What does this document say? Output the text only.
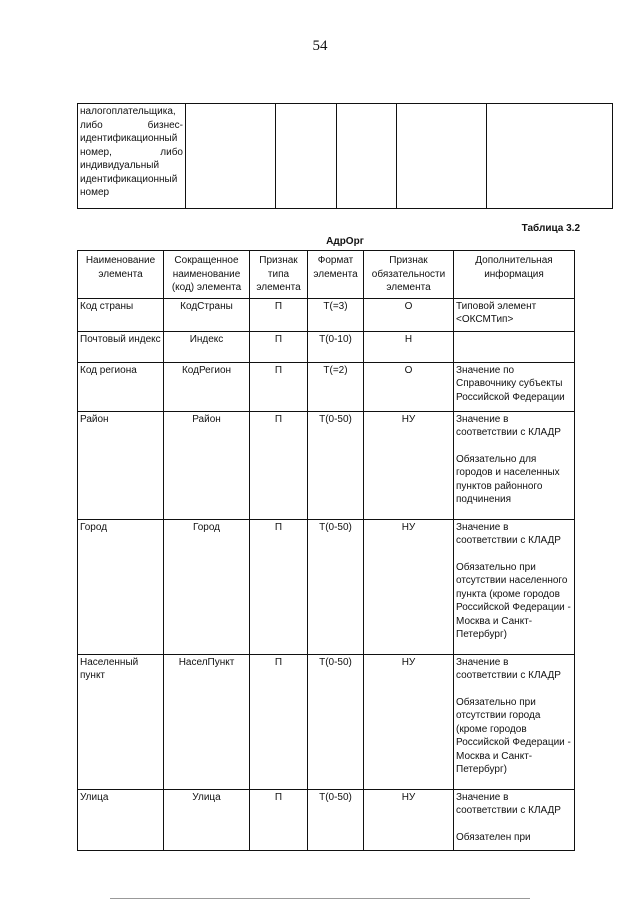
54
налогоплательщика, либо бизнес-идентификационный номер, либо индивидуальный идентификационный номер

Таблица 3.2
АдрОрг
Наименование элемента	Сокращенное наименование (код) элемента	Признак типа элемента	Формат элемента	Признак обязательности элемента	Дополнительная информация
Код страны	КодСтраны	П	Т(=3)	О	Типовой элемент <ОКСМТип>

Почтовый индекс	Индекс	П	Т(0-10)	Н	
Код региона	КодРегион	П	Т(=2)	О	Значение по Справочнику субъекты Российской Федерации

Район	Район	П	Т(0-50)	НУ	Значение в соответствии с КЛАДР

Обязательно для городов и населенных пунктов районного подчинения

Город	Город	П	Т(0-50)	НУ	Значение в соответствии с КЛАДР

Обязательно при отсутствии населенного пункта (кроме городов Российской Федерации - Москва и Санкт-Петербург)

Населенный пункт	НаселПункт	П	Т(0-50)	НУ	Значение в соответствии с КЛАДР

Обязательно при отсутствии города (кроме городов Российской Федерации - Москва и Санкт-Петербург)

Улица	Улица	П	Т(0-50)	НУ	Значение в соответствии с КЛАДР

Обязателен при
